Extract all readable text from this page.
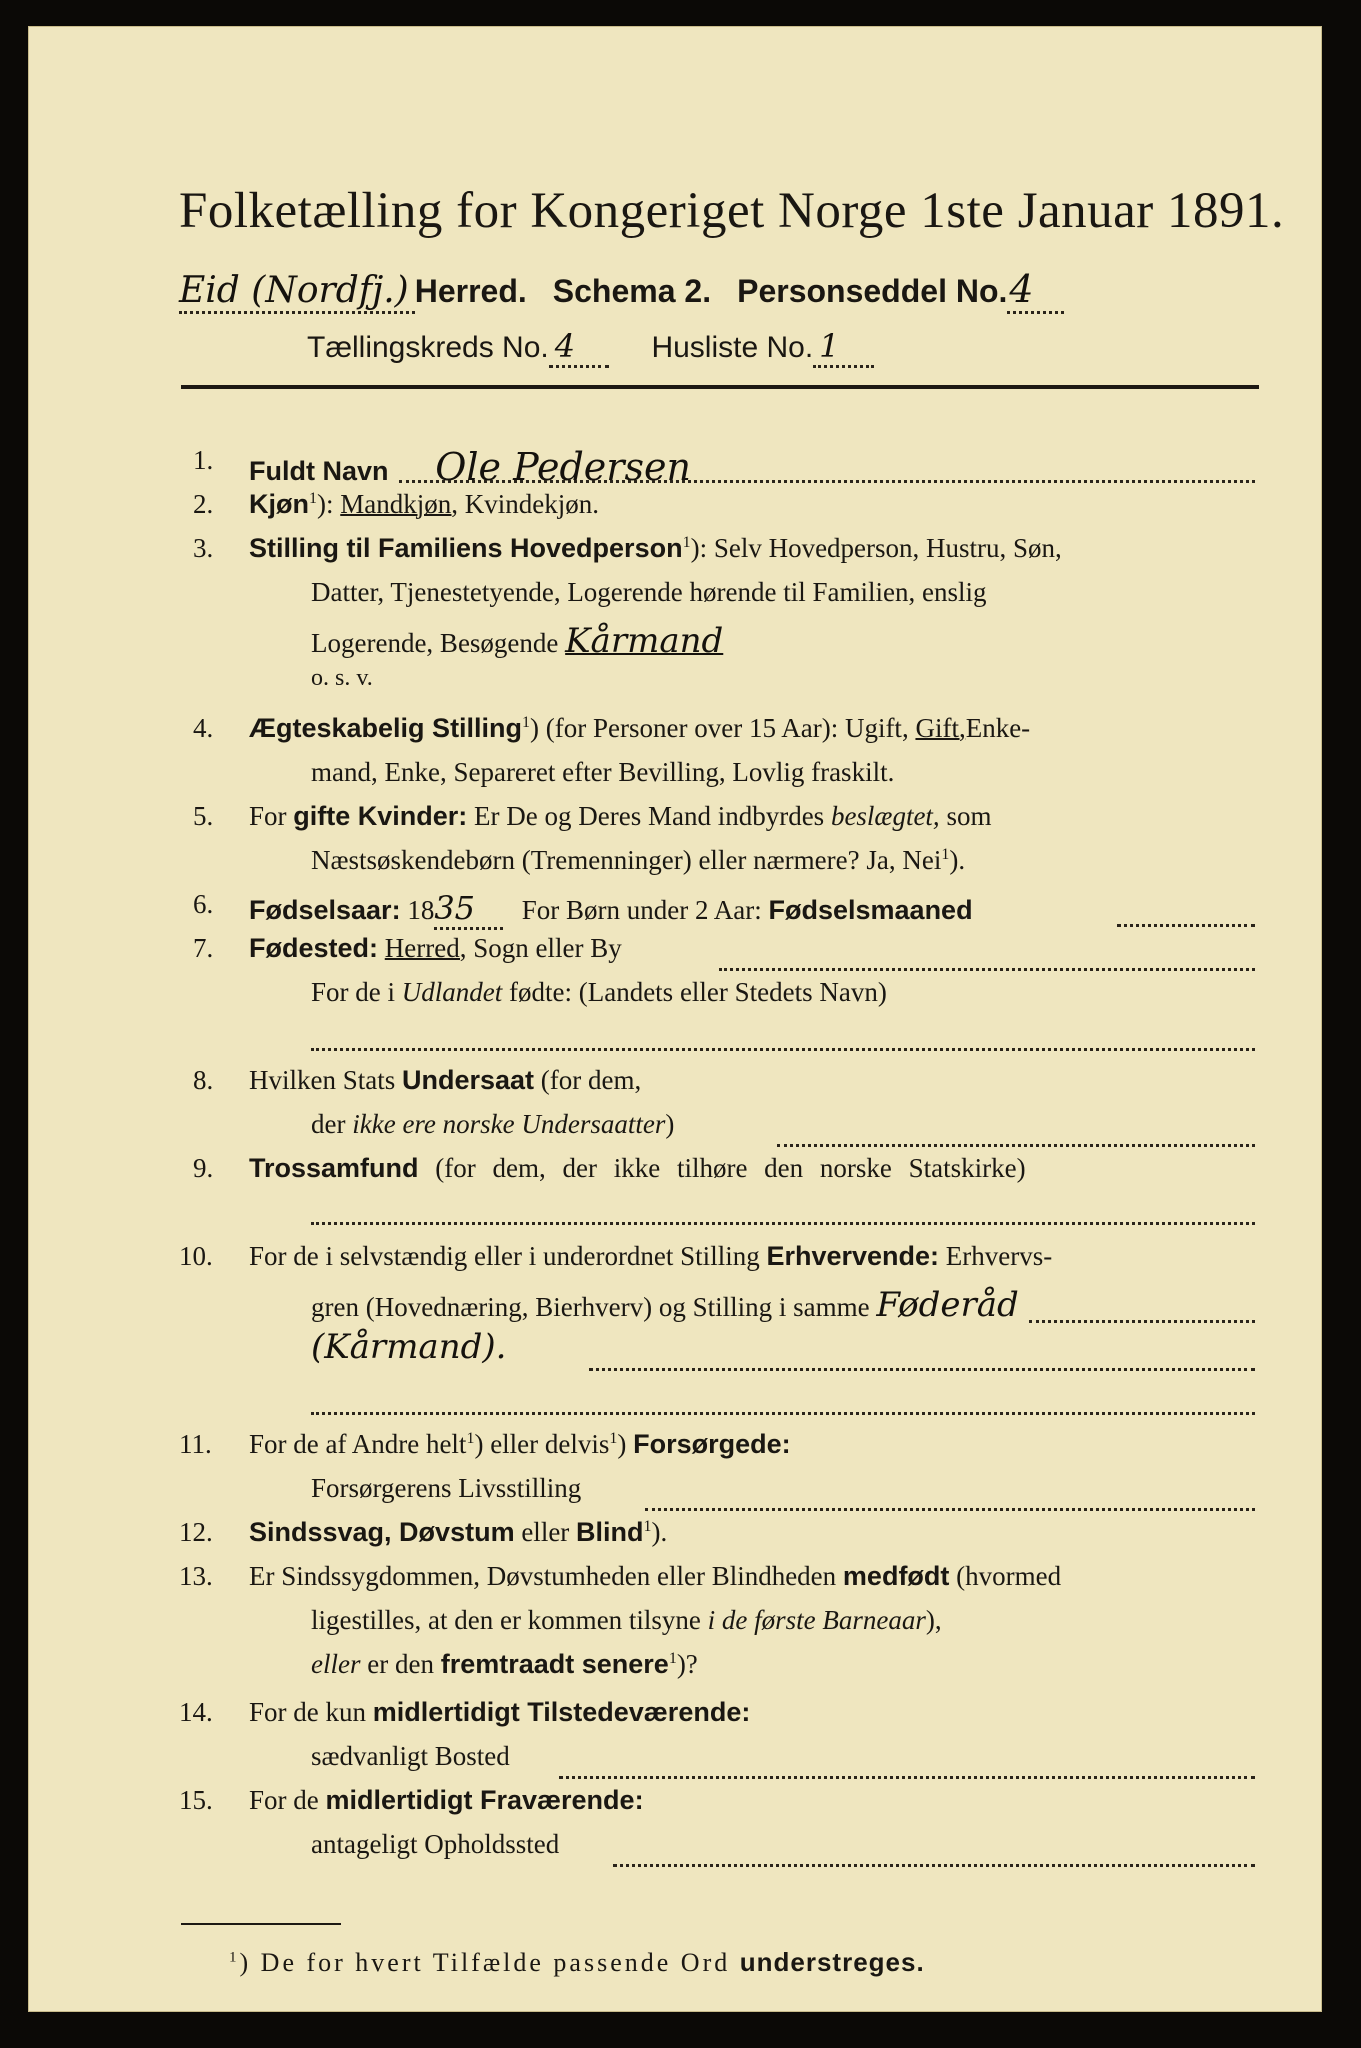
Folketælling for Kongeriget Norge 1ste Januar 1891.
Eid (Nordfj.) Herred. Schema 2. Personseddel No.4
Tællingskreds No. 4	Husliste No. 1
1. Fuldt Navn Ole Pedersen
2. Kjøn$^1$): Mandkjøn, Kvindekjøn.
3. Stilling til Familiens Hovedperson$^1$): Selv Hovedperson, Hustru, Søn,
Datter, Tjenestetyende, Logerende hørende til Familien, enslig
Logerende, Besøgende Kårmand
o. s. v.
4. Ægteskabelig Stilling$^1$) (for Personer over 15 Aar): Ugift, Gift,Enke-
mand, Enke, Separeret efter Bevilling, Lovlig fraskilt.
5. For gifte Kvinder: Er De og Deres Mand indbyrdes beslægtet, som
Næstsøskendebørn (Tremenninger) eller nærmere? Ja, Nei$^1$).
6. Fødselsaar: 1835 For Børn under 2 Aar: Fødselsmaaned
7. Fødested: Herred, Sogn eller By
For de i Udlandet fødte: (Landets eller Stedets Navn)
8. Hvilken Stats Undersaat (for dem,
der ikke ere norske Undersaatter)
9. Trossamfund (for dem, der ikke tilhøre den norske Statskirke)
10. For de i selvstændig eller i underordnet Stilling Erhvervende: Erhvervs-
gren (Hovednæring, Bierhverv) og Stilling i samme Føderåd
(Kårmand).
11. For de af Andre helt$^1$) eller delvis$^1$) Forsørgede:
Forsørgerens Livsstilling
12. Sindssvag, Døvstum eller Blind$^1$).
13. Er Sindssygdommen, Døvstumheden eller Blindheden medfødt (hvormed
ligestilles, at den er kommen tilsyne i de første Barneaar),
eller er den fremtraadt senere$^1$)?
14. For de kun midlertidigt Tilstedeværende:
sædvanligt Bosted
15. For de midlertidigt Fraværende:
antageligt Opholdssted
$^1$) De for hvert Tilfælde passende Ord understreges.
